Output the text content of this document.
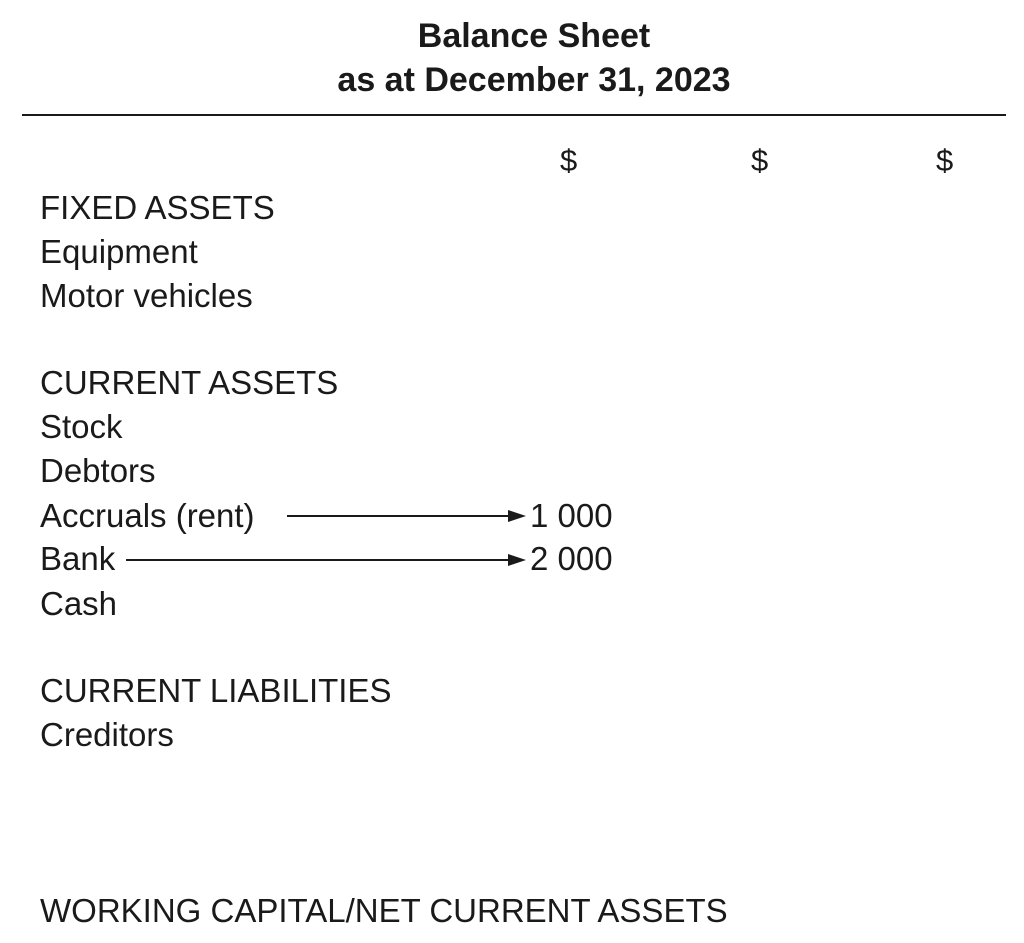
Balance Sheet
as at December 31, 2023
$	$	$
FIXED ASSETS
Equipment
Motor vehicles
CURRENT ASSETS
Stock
Debtors
Accruals (rent)	1 000
Bank	2 000
Cash
CURRENT LIABILITIES
Creditors
WORKING CAPITAL/NET CURRENT ASSETS
